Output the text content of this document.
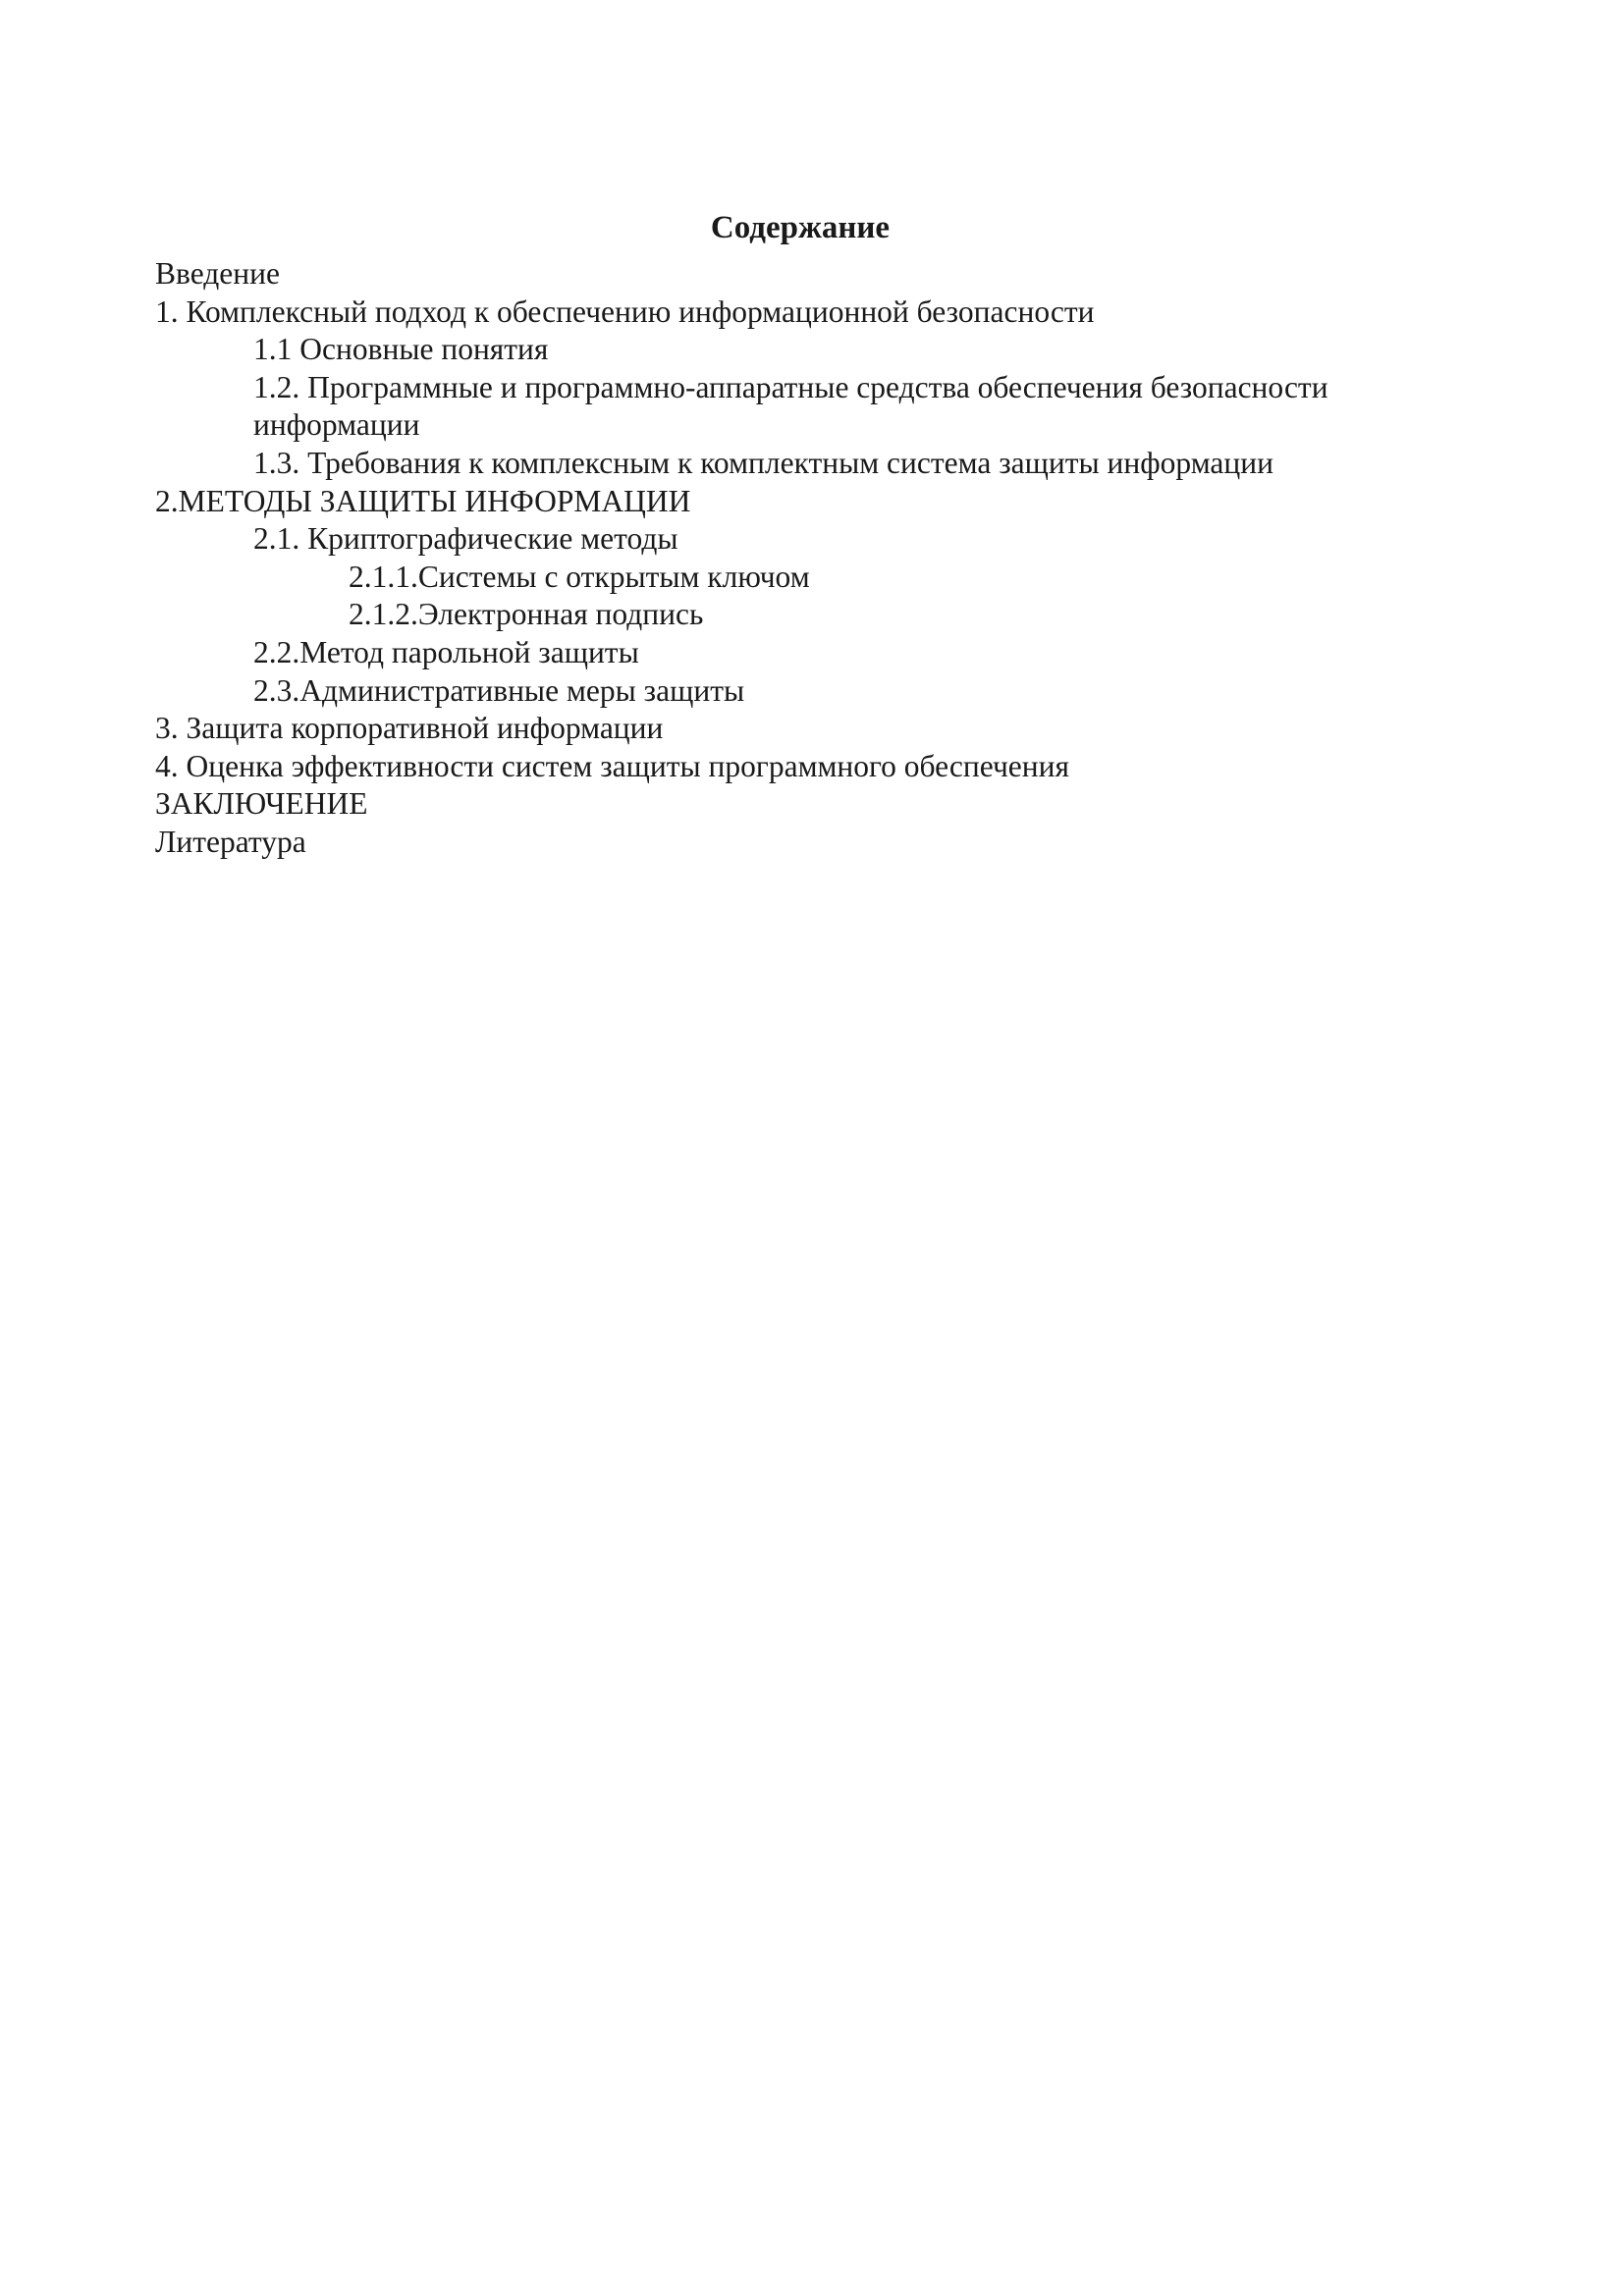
Содержание
Введение
1. Комплексный подход к обеспечению информационной безопасности
1.1 Основные понятия
1.2. Программные и программно-аппаратные средства обеспечения безопасности информации
1.3. Требования к комплексным к комплектным система защиты информации
2.МЕТОДЫ ЗАЩИТЫ ИНФОРМАЦИИ
2.1. Криптографические методы
2.1.1.Системы с открытым ключом
2.1.2.Электронная подпись
2.2.Метод парольной защиты
2.3.Административные меры защиты
3. Защита корпоративной информации
4. Оценка эффективности систем защиты программного обеспечения
ЗАКЛЮЧЕНИЕ
Литература
